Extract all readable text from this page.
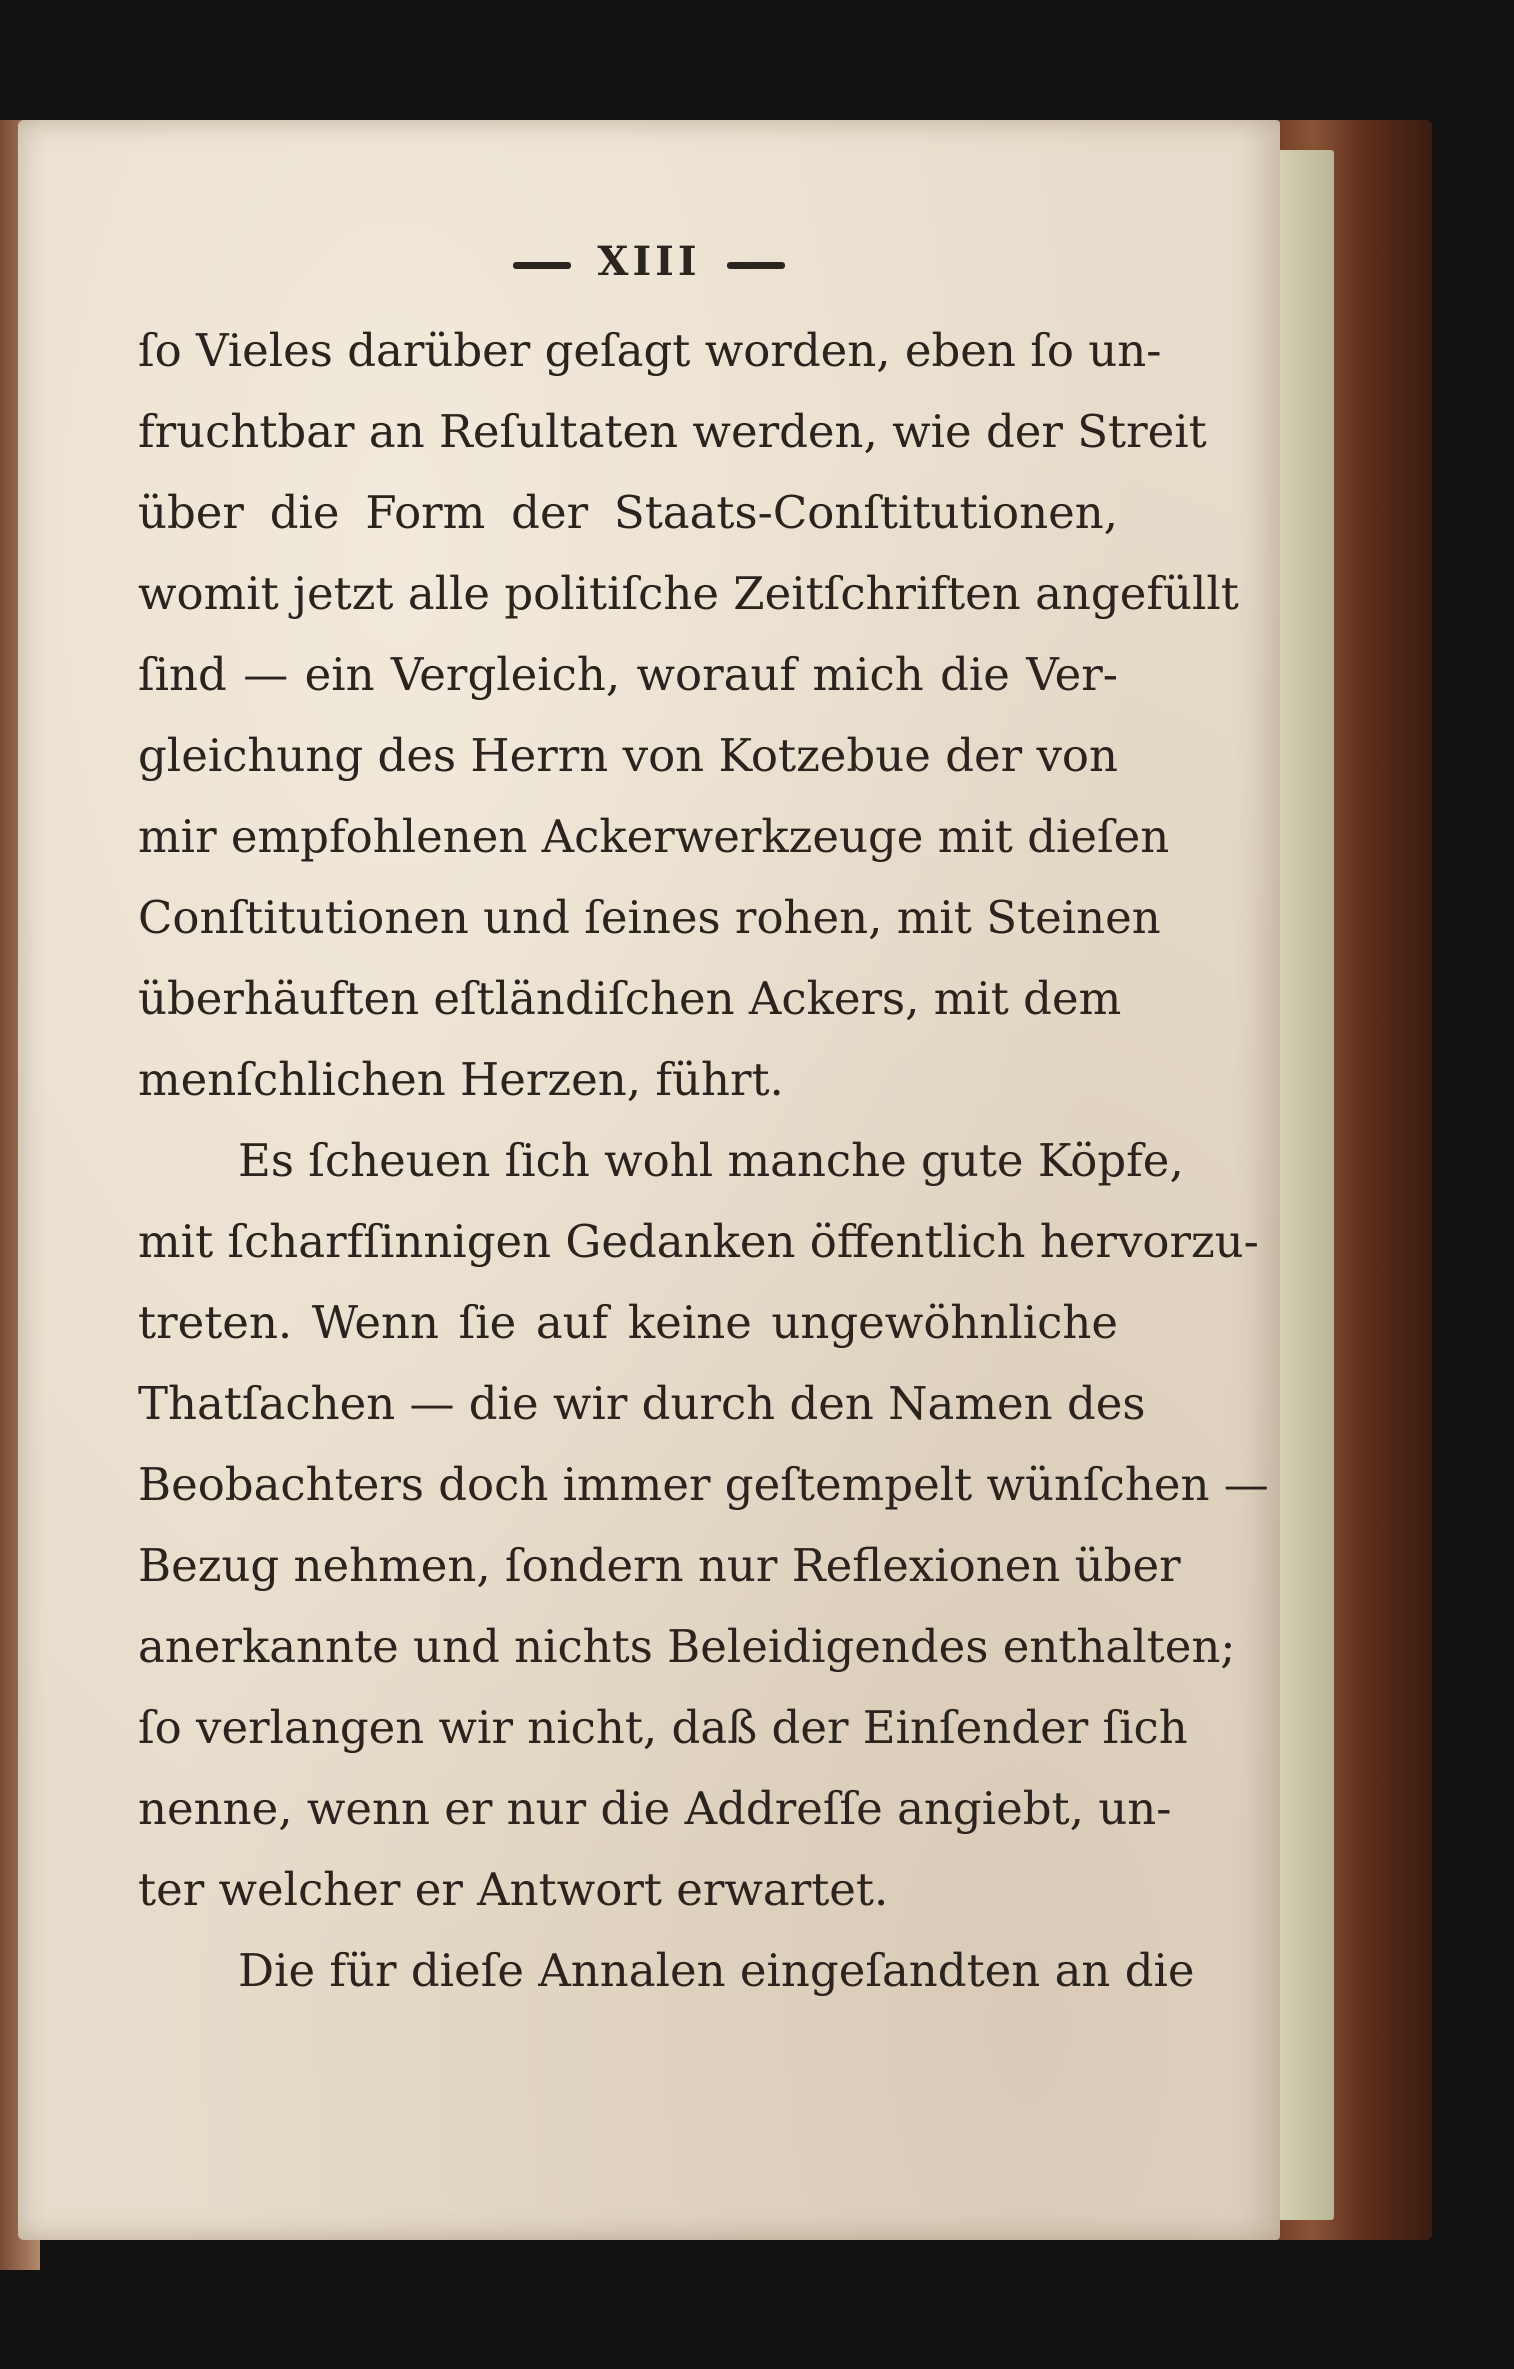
XIII
ſo Vieles darüber geſagt worden, eben ſo un-
fruchtbar an Reſultaten werden, wie der Streit
über die Form der Staats-Conſtitutionen,
womit jetzt alle politiſche Zeitſchriften angefüllt
ſind — ein Vergleich, worauf mich die Ver-
gleichung des Herrn von Kotzebue der von
mir empfohlenen Ackerwerkzeuge mit dieſen
Conſtitutionen und ſeines rohen, mit Steinen
überhäuften eſtländiſchen Ackers, mit dem
menſchlichen Herzen, führt.
Es ſcheuen ſich wohl manche gute Köpfe,
mit ſcharfſinnigen Gedanken öffentlich hervorzu-
treten. Wenn ſie auf keine ungewöhnliche
Thatſachen — die wir durch den Namen des
Beobachters doch immer geſtempelt wünſchen —
Bezug nehmen, ſondern nur Reflexionen über
anerkannte und nichts Beleidigendes enthalten;
ſo verlangen wir nicht, daß der Einſender ſich
nenne, wenn er nur die Addreſſe angiebt, un-
ter welcher er Antwort erwartet.
Die für dieſe Annalen eingeſandten an die
